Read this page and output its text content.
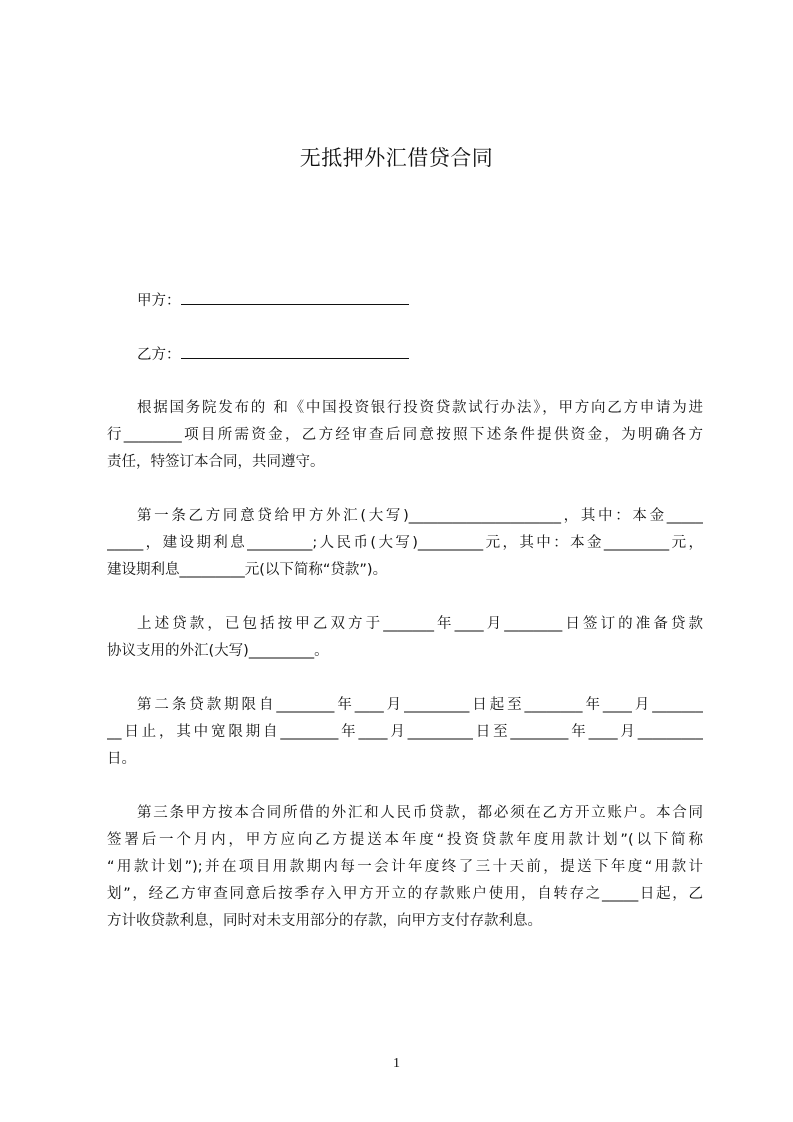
无抵押外汇借贷合同
甲方：
乙方：
根据国务院发布的 和《中国投资银行投资贷款试行办法》，甲方向乙方申请为进
行________项目所需资金，乙方经审查后同意按照下述条件提供资金，为明确各方
责任，特签订本合同，共同遵守。
第一条乙方同意贷给甲方外汇(大写)_____________________，其中：本金_____
_____，建设期利息_________;人民币(大写)_________元，其中：本金_________元，
建设期利息_________元(以下简称“贷款”)。
上述贷款，已包括按甲乙双方于_______年____月________日签订的准备贷款
协议支用的外汇(大写)_________。
第二条贷款期限自________年____月_________日起至________年____月_______
__日止，其中宽限期自________年____月_________日至________年____月_________
日。
第三条甲方按本合同所借的外汇和人民币贷款，都必须在乙方开立账户。本合同
签署后一个月内，甲方应向乙方提送本年度“投资贷款年度用款计划”(以下简称
“用款计划”);并在项目用款期内每一会计年度终了三十天前，提送下年度“用款计
划”，经乙方审查同意后按季存入甲方开立的存款账户使用，自转存之_____日起，乙
方计收贷款利息，同时对未支用部分的存款，向甲方支付存款利息。
1
